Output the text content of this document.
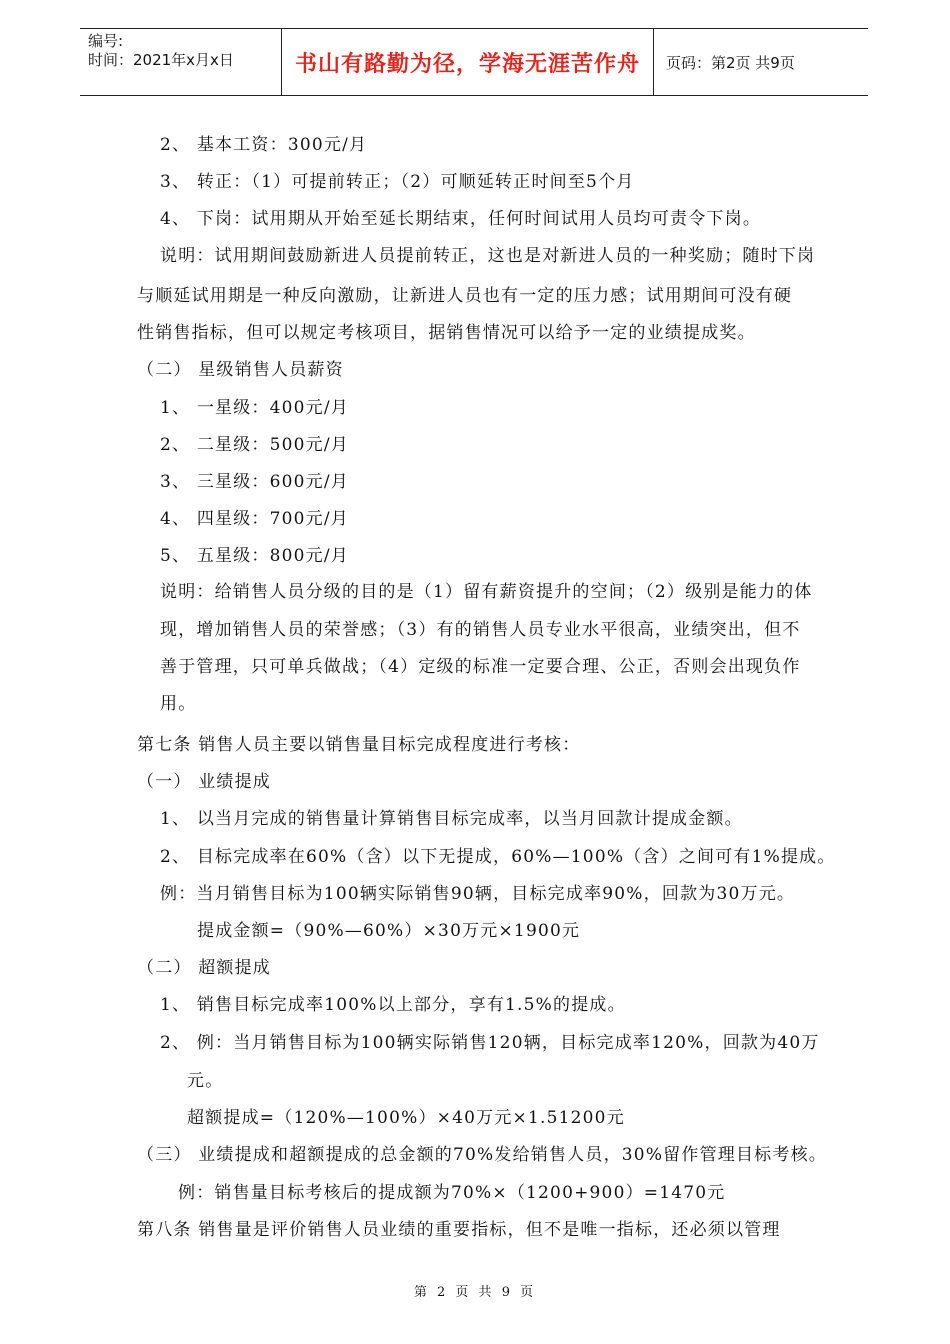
编号:
时间：2021年x月x日	书山有路勤为径，学海无涯苦作舟	页码：第2页 共9页
2、 基本工资：300元/月
3、 转正：（1）可提前转正；（2）可顺延转正时间至5个月
4、 下岗：试用期从开始至延长期结束，任何时间试用人员均可责令下岗。
说明：试用期间鼓励新进人员提前转正，这也是对新进人员的一种奖励；随时下岗
与顺延试用期是一种反向激励，让新进人员也有一定的压力感；试用期间可没有硬
性销售指标，但可以规定考核项目，据销售情况可以给予一定的业绩提成奖。
（二） 星级销售人员薪资
1、 一星级：400元/月
2、 二星级：500元/月
3、 三星级：600元/月
4、 四星级：700元/月
5、 五星级：800元/月
说明：给销售人员分级的目的是（1）留有薪资提升的空间；（2）级别是能力的体
现，增加销售人员的荣誉感；（3）有的销售人员专业水平很高，业绩突出，但不
善于管理，只可单兵做战；（4）定级的标准一定要合理、公正，否则会出现负作
用。
第七条 销售人员主要以销售量目标完成程度进行考核：
（一） 业绩提成
1、 以当月完成的销售量计算销售目标完成率，以当月回款计提成金额。
2、 目标完成率在60%（含）以下无提成，60%—100%（含）之间可有1%提成。
例：当月销售目标为100辆实际销售90辆，目标完成率90%，回款为30万元。
提成金额=（90%—60%）×30万元×1900元
（二） 超额提成
1、 销售目标完成率100%以上部分，享有1.5%的提成。
2、 例：当月销售目标为100辆实际销售120辆，目标完成率120%，回款为40万
元。
超额提成=（120%—100%）×40万元×1.51200元
（三） 业绩提成和超额提成的总金额的70%发给销售人员，30%留作管理目标考核。
例：销售量目标考核后的提成额为70%×（1200+900）=1470元
第八条 销售量是评价销售人员业绩的重要指标，但不是唯一指标，还必须以管理
第 2 页 共 9 页
